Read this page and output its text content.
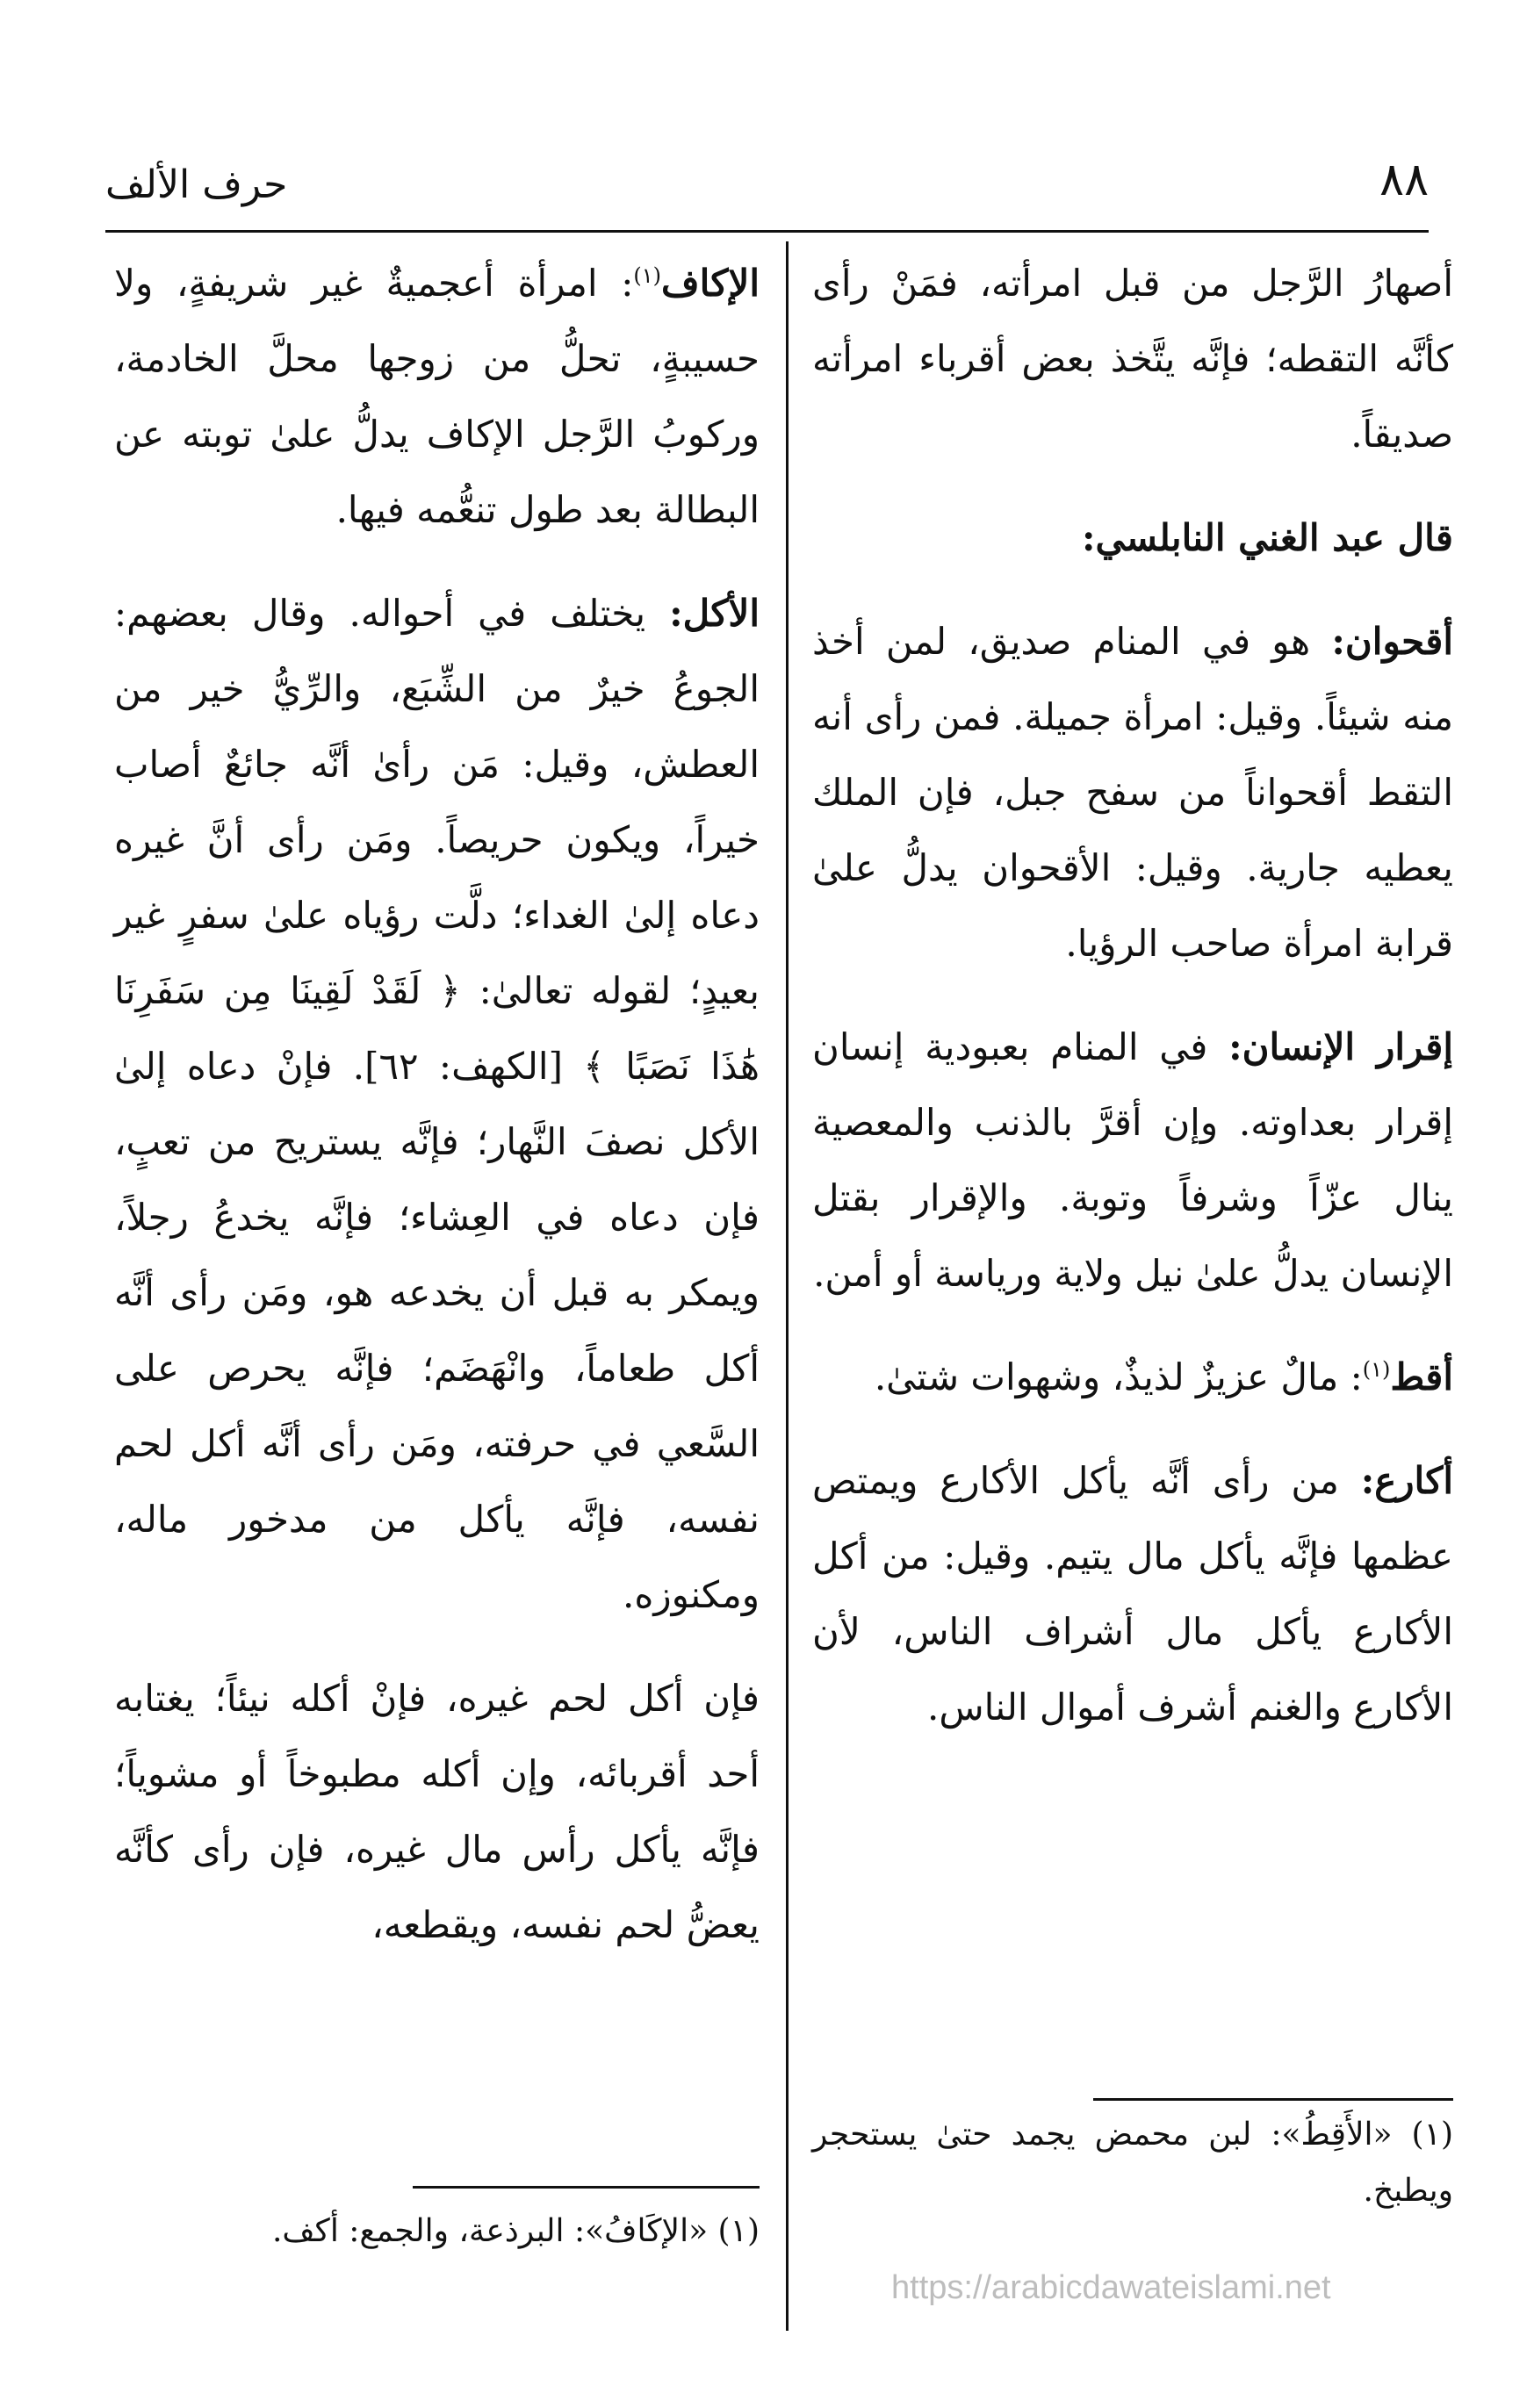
٨٨
حرف الألف

أصهارُ الرَّجل من قبل امرأته، فمَنْ رأى كأنَّه التقطه؛ فإنَّه يتَّخذ بعض أقرباء امرأته صديقاً.

قال عبد الغني النابلسي:

أقحوان: هو في المنام صديق، لمن أخذ منه شيئاً. وقيل: امرأة جميلة. فمن رأى أنه التقط أقحواناً من سفح جبل، فإن الملك يعطيه جارية. وقيل: الأقحوان يدلُّ علىٰ قرابة امرأة صاحب الرؤيا.

إقرار الإنسان: في المنام بعبودية إنسان إقرار بعداوته. وإن أقرَّ بالذنب والمعصية ينال عزّاً وشرفاً وتوبة. والإقرار بقتل الإنسان يدلُّ علىٰ نيل ولاية ورياسة أو أمن.

أقط$^{(١)}$: مالٌ عزيزٌ لذيذٌ، وشهوات شتىٰ.

أكارع: من رأى أنَّه يأكل الأكارع ويمتص عظمها فإنَّه يأكل مال يتيم. وقيل: من أكل الأكارع يأكل مال أشراف الناس، لأن الأكارع والغنم أشرف أموال الناس.

الإكاف$^{(١)}$: امرأة أعجميةٌ غير شريفةٍ، ولا حسيبةٍ، تحلُّ من زوجها محلَّ الخادمة، وركوبُ الرَّجل الإكاف يدلُّ علىٰ توبته عن البطالة بعد طول تنعُّمه فيها.

الأكل: يختلف في أحواله. وقال بعضهم: الجوعُ خيرٌ من الشِّبَع، والرِّيُّ خير من العطش، وقيل: مَن رأىٰ أنَّه جائعٌ أصاب خيراً، ويكون حريصاً. ومَن رأى أنَّ غيره دعاه إلىٰ الغداء؛ دلَّت رؤياه علىٰ سفرٍ غير بعيدٍ؛ لقوله تعالىٰ: ﴿ لَقَدْ لَقِينَا مِن سَفَرِنَا هَٰذَا نَصَبًا ﴾ [الكهف: ٦٢]. فإنْ دعاه إلىٰ الأكل نصفَ النَّهار؛ فإنَّه يستريح من تعبٍ، فإن دعاه في العِشاء؛ فإنَّه يخدعُ رجلاً، ويمكر به قبل أن يخدعه هو، ومَن رأى أنَّه أكل طعاماً، وانْهَضَم؛ فإنَّه يحرص على السَّعي في حرفته، ومَن رأى أنَّه أكل لحم نفسه، فإنَّه يأكل من مدخور ماله، ومكنوزه.

فإن أكل لحم غيره، فإنْ أكله نيئاً؛ يغتابه أحد أقربائه، وإن أكله مطبوخاً أو مشوياً؛ فإنَّه يأكل رأس مال غيره، فإن رأى كأنَّه يعضُّ لحم نفسه، ويقطعه،

(١) «الأَقِطُ»: لبن محمض يجمد حتىٰ يستحجر ويطبخ.
(١) «الإكَافُ»: البرذعة، والجمع: أكف.
https://arabicdawateislami.net
